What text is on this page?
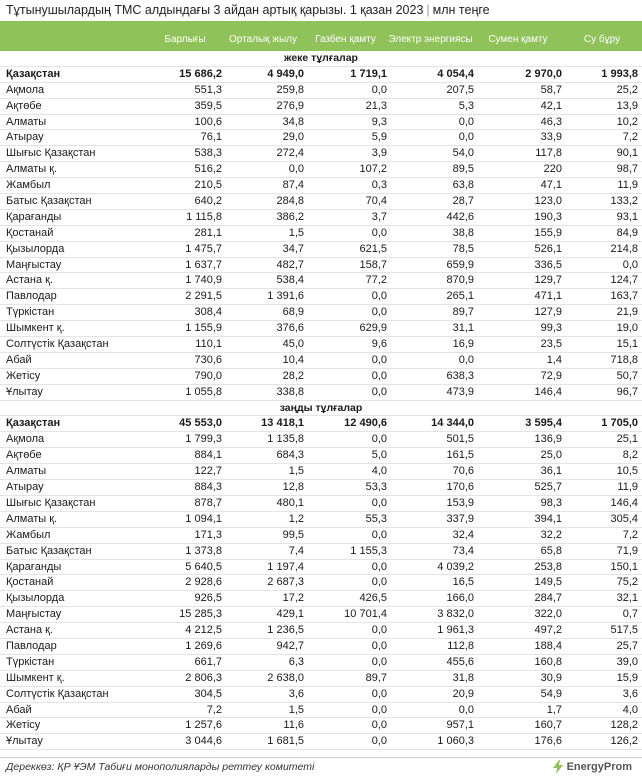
Тұтынушылардың ТМС алдындағы 3 айдан артық қарызы. 1 қазан 2023 | млн теңге
Барлығы	Орталық жылу	Газбен қамту	Электр энергиясы	Сумен қамту	Су бұру
жеке тұлғалар
Қазақстан	15 686,2	4 949,0	1 719,1	4 054,4	2 970,0	1 993,8
Ақмола	551,3	259,8	0,0	207,5	58,7	25,2
Ақтөбе	359,5	276,9	21,3	5,3	42,1	13,9
Алматы	100,6	34,8	9,3	0,0	46,3	10,2
Атырау	76,1	29,0	5,9	0,0	33,9	7,2
Шығыс Қазақстан	538,3	272,4	3,9	54,0	117,8	90,1
Алматы қ.	516,2	0,0	107,2	89,5	220	98,7
Жамбыл	210,5	87,4	0,3	63,8	47,1	11,9
Батыс Қазақстан	640,2	284,8	70,4	28,7	123,0	133,2
Қарағанды	1 115,8	386,2	3,7	442,6	190,3	93,1
Қостанай	281,1	1,5	0,0	38,8	155,9	84,9
Қызылорда	1 475,7	34,7	621,5	78,5	526,1	214,8
Маңғыстау	1 637,7	482,7	158,7	659,9	336,5	0,0
Астана қ.	1 740,9	538,4	77,2	870,9	129,7	124,7
Павлодар	2 291,5	1 391,6	0,0	265,1	471,1	163,7
Түркістан	308,4	68,9	0,0	89,7	127,9	21,9
Шымкент қ.	1 155,9	376,6	629,9	31,1	99,3	19,0
Солтүстік Қазақстан	110,1	45,0	9,6	16,9	23,5	15,1
Абай	730,6	10,4	0,0	0,0	1,4	718,8
Жетісу	790,0	28,2	0,0	638,3	72,9	50,7
Ұлытау	1 055,8	338,8	0,0	473,9	146,4	96,7
заңды тұлғалар
Қазақстан	45 553,0	13 418,1	12 490,6	14 344,0	3 595,4	1 705,0
Ақмола	1 799,3	1 135,8	0,0	501,5	136,9	25,1
Ақтөбе	884,1	684,3	5,0	161,5	25,0	8,2
Алматы	122,7	1,5	4,0	70,6	36,1	10,5
Атырау	884,3	12,8	53,3	170,6	525,7	11,9
Шығыс Қазақстан	878,7	480,1	0,0	153,9	98,3	146,4
Алматы қ.	1 094,1	1,2	55,3	337,9	394,1	305,4
Жамбыл	171,3	99,5	0,0	32,4	32,2	7,2
Батыс Қазақстан	1 373,8	7,4	1 155,3	73,4	65,8	71,9
Қарағанды	5 640,5	1 197,4	0,0	4 039,2	253,8	150,1
Қостанай	2 928,6	2 687,3	0,0	16,5	149,5	75,2
Қызылорда	926,5	17,2	426,5	166,0	284,7	32,1
Маңғыстау	15 285,3	429,1	10 701,4	3 832,0	322,0	0,7
Астана қ.	4 212,5	1 236,5	0,0	1 961,3	497,2	517,5
Павлодар	1 269,6	942,7	0,0	112,8	188,4	25,7
Түркістан	661,7	6,3	0,0	455,6	160,8	39,0
Шымкент қ.	2 806,3	2 638,0	89,7	31,8	30,9	15,9
Солтүстік Қазақстан	304,5	3,6	0,0	20,9	54,9	3,6
Абай	7,2	1,5	0,0	0,0	1,7	4,0
Жетісу	1 257,6	11,6	0,0	957,1	160,7	128,2
Ұлытау	3 044,6	1 681,5	0,0	1 060,3	176,6	126,2
Дереккөз: ҚР ҰЭМ Табиғи монополияларды реттеу комитеті	EnergyProm
